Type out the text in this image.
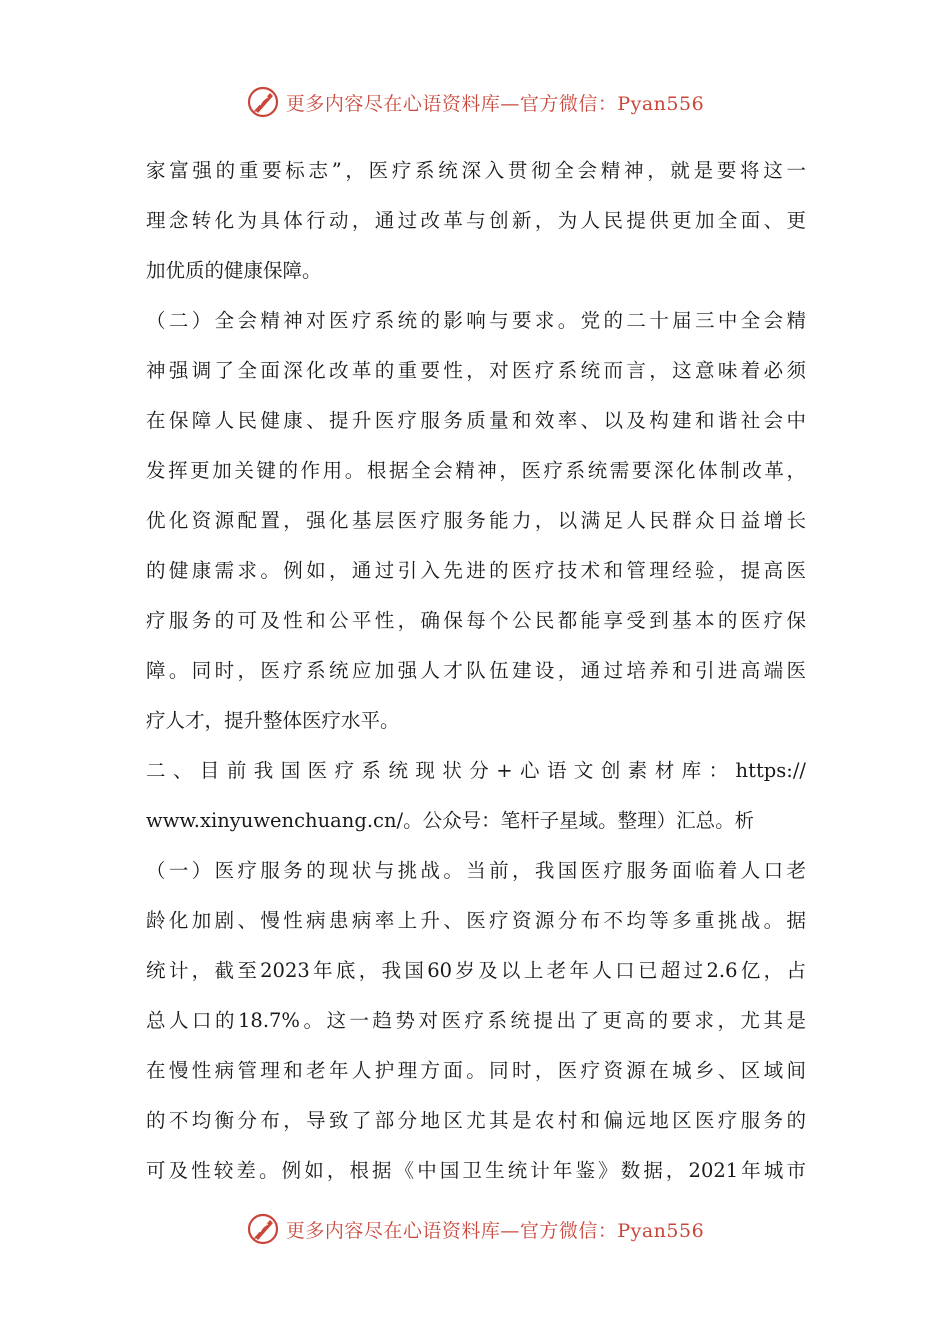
更多内容尽在心语资料库—官方微信：Pyan556
家富强的重要标志”，医疗系统深入贯彻全会精神，就是要将这一
理念转化为具体行动，通过改革与创新，为人民提供更加全面、更
加优质的健康保障。
（二）全会精神对医疗系统的影响与要求。党的二十届三中全会精
神强调了全面深化改革的重要性，对医疗系统而言，这意味着必须
在保障人民健康、提升医疗服务质量和效率、以及构建和谐社会中
发挥更加关键的作用。根据全会精神，医疗系统需要深化体制改革，
优化资源配置，强化基层医疗服务能力，以满足人民群众日益增长
的健康需求。例如，通过引入先进的医疗技术和管理经验，提高医
疗服务的可及性和公平性，确保每个公民都能享受到基本的医疗保
障。同时，医疗系统应加强人才队伍建设，通过培养和引进高端医
疗人才，提升整体医疗水平。
二、目前我国医疗系统现状分+心语文创素材库：https://
www.xinyuwenchuang.cn/。公众号：笔杆子星域。整理）汇总。析
（一）医疗服务的现状与挑战。当前，我国医疗服务面临着人口老
龄化加剧、慢性病患病率上升、医疗资源分布不均等多重挑战。据
统计，截至2023年底，我国60岁及以上老年人口已超过2.6亿，占
总人口的18.7%。这一趋势对医疗系统提出了更高的要求，尤其是
在慢性病管理和老年人护理方面。同时，医疗资源在城乡、区域间
的不均衡分布，导致了部分地区尤其是农村和偏远地区医疗服务的
可及性较差。例如，根据《中国卫生统计年鉴》数据，2021年城市
更多内容尽在心语资料库—官方微信：Pyan556
